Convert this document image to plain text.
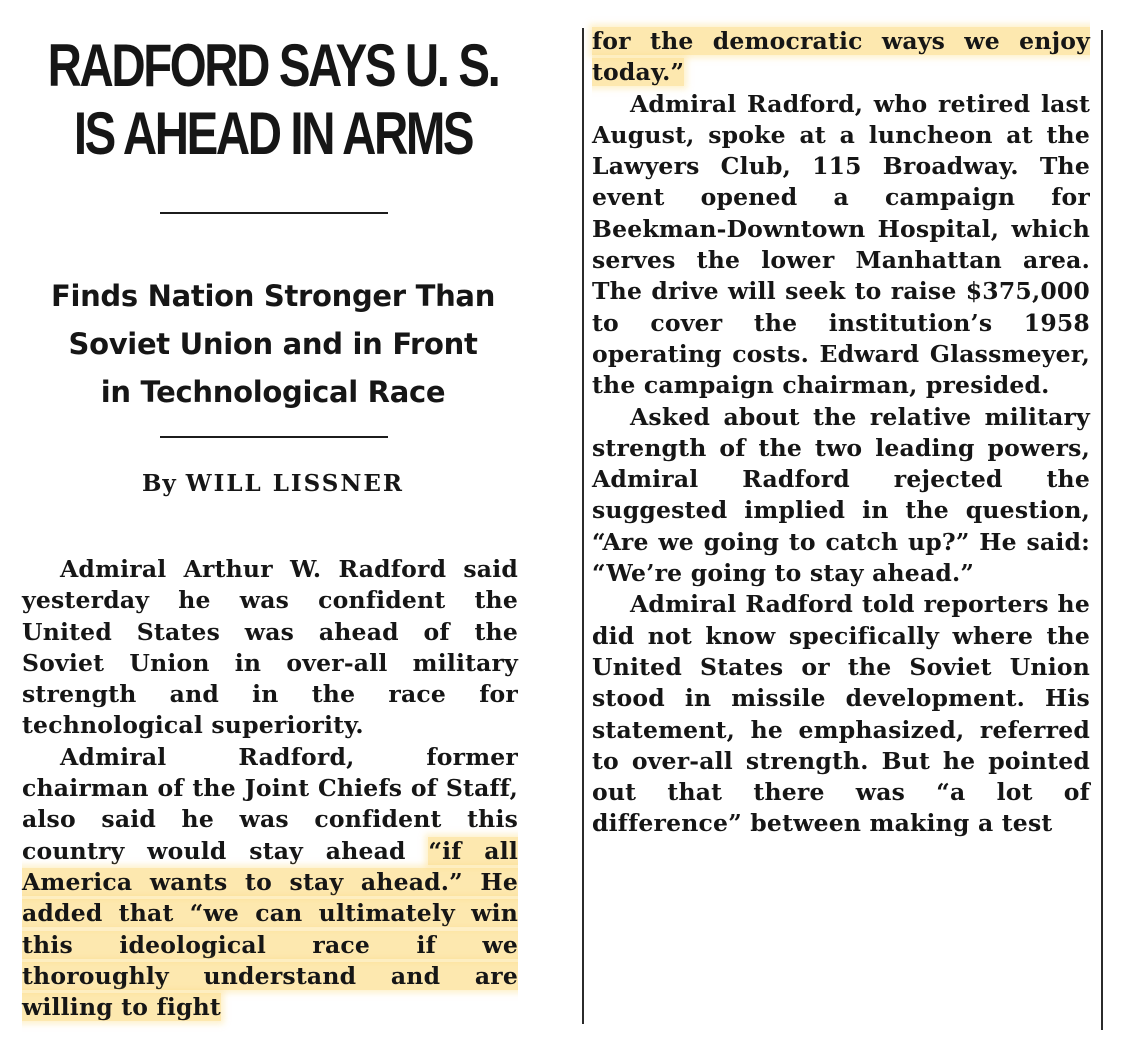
RADFORD SAYS U. S.
IS AHEAD IN ARMS
Finds Nation Stronger Than
Soviet Union and in Front
in Technological Race
By WILL LISSNER

Admiral Arthur W. Radford said yesterday he was confident the United States was ahead of the Soviet Union in over-all military strength and in the race for technological superiority.

Admiral Radford, former chairman of the Joint Chiefs of Staff, also said he was confident this country would stay ahead “if all America wants to stay ahead.” He added that “we can ultimately win this ideological race if we thoroughly understand and are willing to fight

for the democratic ways we enjoy today.”

Admiral Radford, who retired last August, spoke at a luncheon at the Lawyers Club, 115 Broadway. The event opened a campaign for Beekman-Downtown Hospital, which serves the lower Manhattan area. The drive will seek to raise $375,000 to cover the institution’s 1958 operating costs. Edward Glassmeyer, the campaign chairman, presided.

Asked about the relative military strength of the two leading powers, Admiral Radford rejected the suggested implied in the question, “Are we going to catch up?” He said: “We’re going to stay ahead.”

Admiral Radford told reporters he did not know specifically where the United States or the Soviet Union stood in missile development. His statement, he emphasized, referred to over-all strength. But he pointed out that there was “a lot of difference” between making a test
